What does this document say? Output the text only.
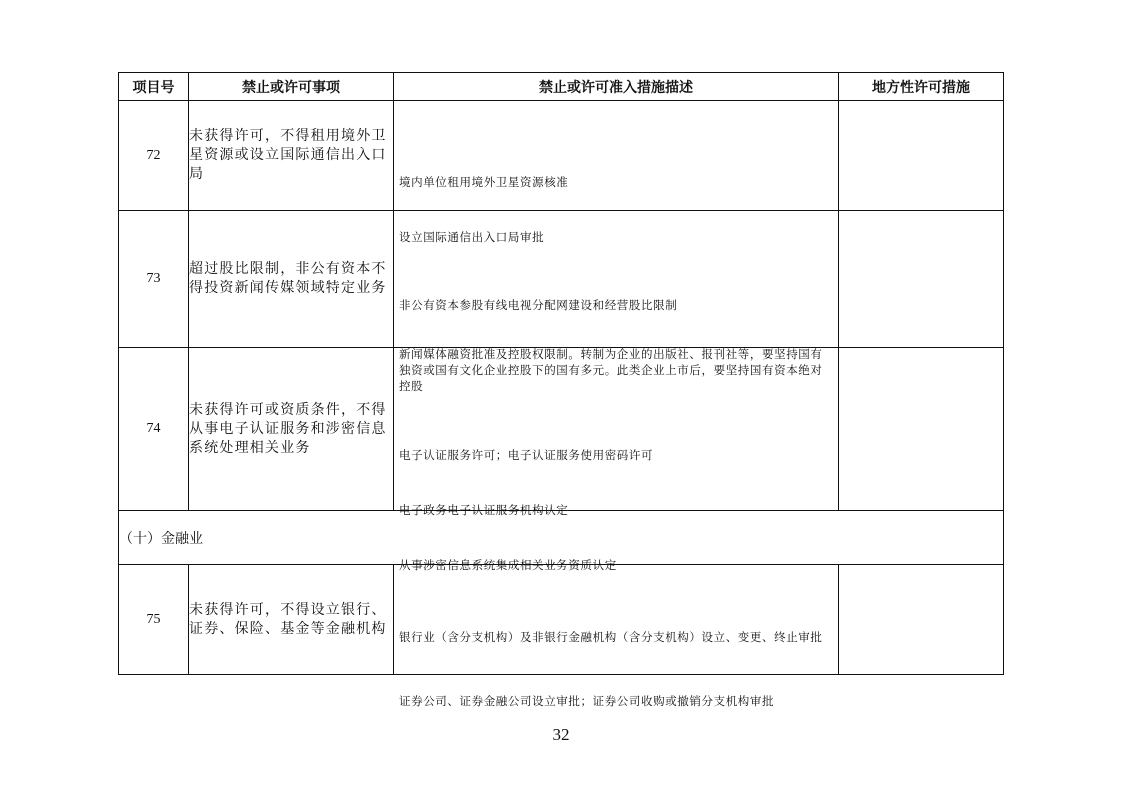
项目号	禁止或许可事项	禁止或许可准入措施描述	地方性许可措施
72	未获得许可，不得租用境外卫星资源或设立国际通信出入口局	境内单位租用境外卫星资源核准
设立国际通信出入口局审批	

73	超过股比限制，非公有资本不得投资新闻传媒领域特定业务	非公有资本参股有线电视分配网建设和经营股比限制
新闻媒体融资批准及控股权限制。转制为企业的出版社、报刊社等，要坚持国有独资或国有文化企业控股下的国有多元。此类企业上市后，要坚持国有资本绝对控股	

74	未获得许可或资质条件，不得从事电子认证服务和涉密信息系统处理相关业务	电子认证服务许可；电子认证服务使用密码许可
电子政务电子认证服务机构认定
从事涉密信息系统集成相关业务资质认定	

（十）金融业			
75	未获得许可，不得设立银行、证券、保险、基金等金融机构	银行业（含分支机构）及非银行金融机构（含分支机构）设立、变更、终止审批
证券公司、证券金融公司设立审批；证券公司收购或撤销分支机构审批	

32
